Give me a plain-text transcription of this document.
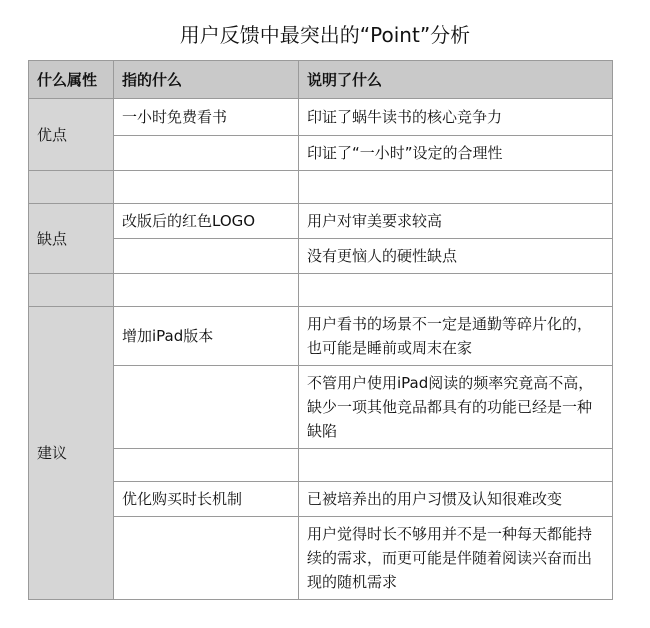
用户反馈中最突出的“Point”分析
什么属性	指的什么	说明了什么
优点	一小时免费看书	印证了蜗牛读书的核心竞争力
		印证了“一小时”设定的合理性

缺点	改版后的红色LOGO	用户对审美要求较高
		没有更恼人的硬性缺点

建议	增加iPad版本	用户看书的场景不一定是通勤等碎片化的，也可能是睡前或周末在家
		不管用户使用iPad阅读的频率究竟高不高，缺少一项其他竞品都具有的功能已经是一种缺陷

	优化购买时长机制	已被培养出的用户习惯及认知很难改变
		用户觉得时长不够用并不是一种每天都能持续的需求，而更可能是伴随着阅读兴奋而出现的随机需求
